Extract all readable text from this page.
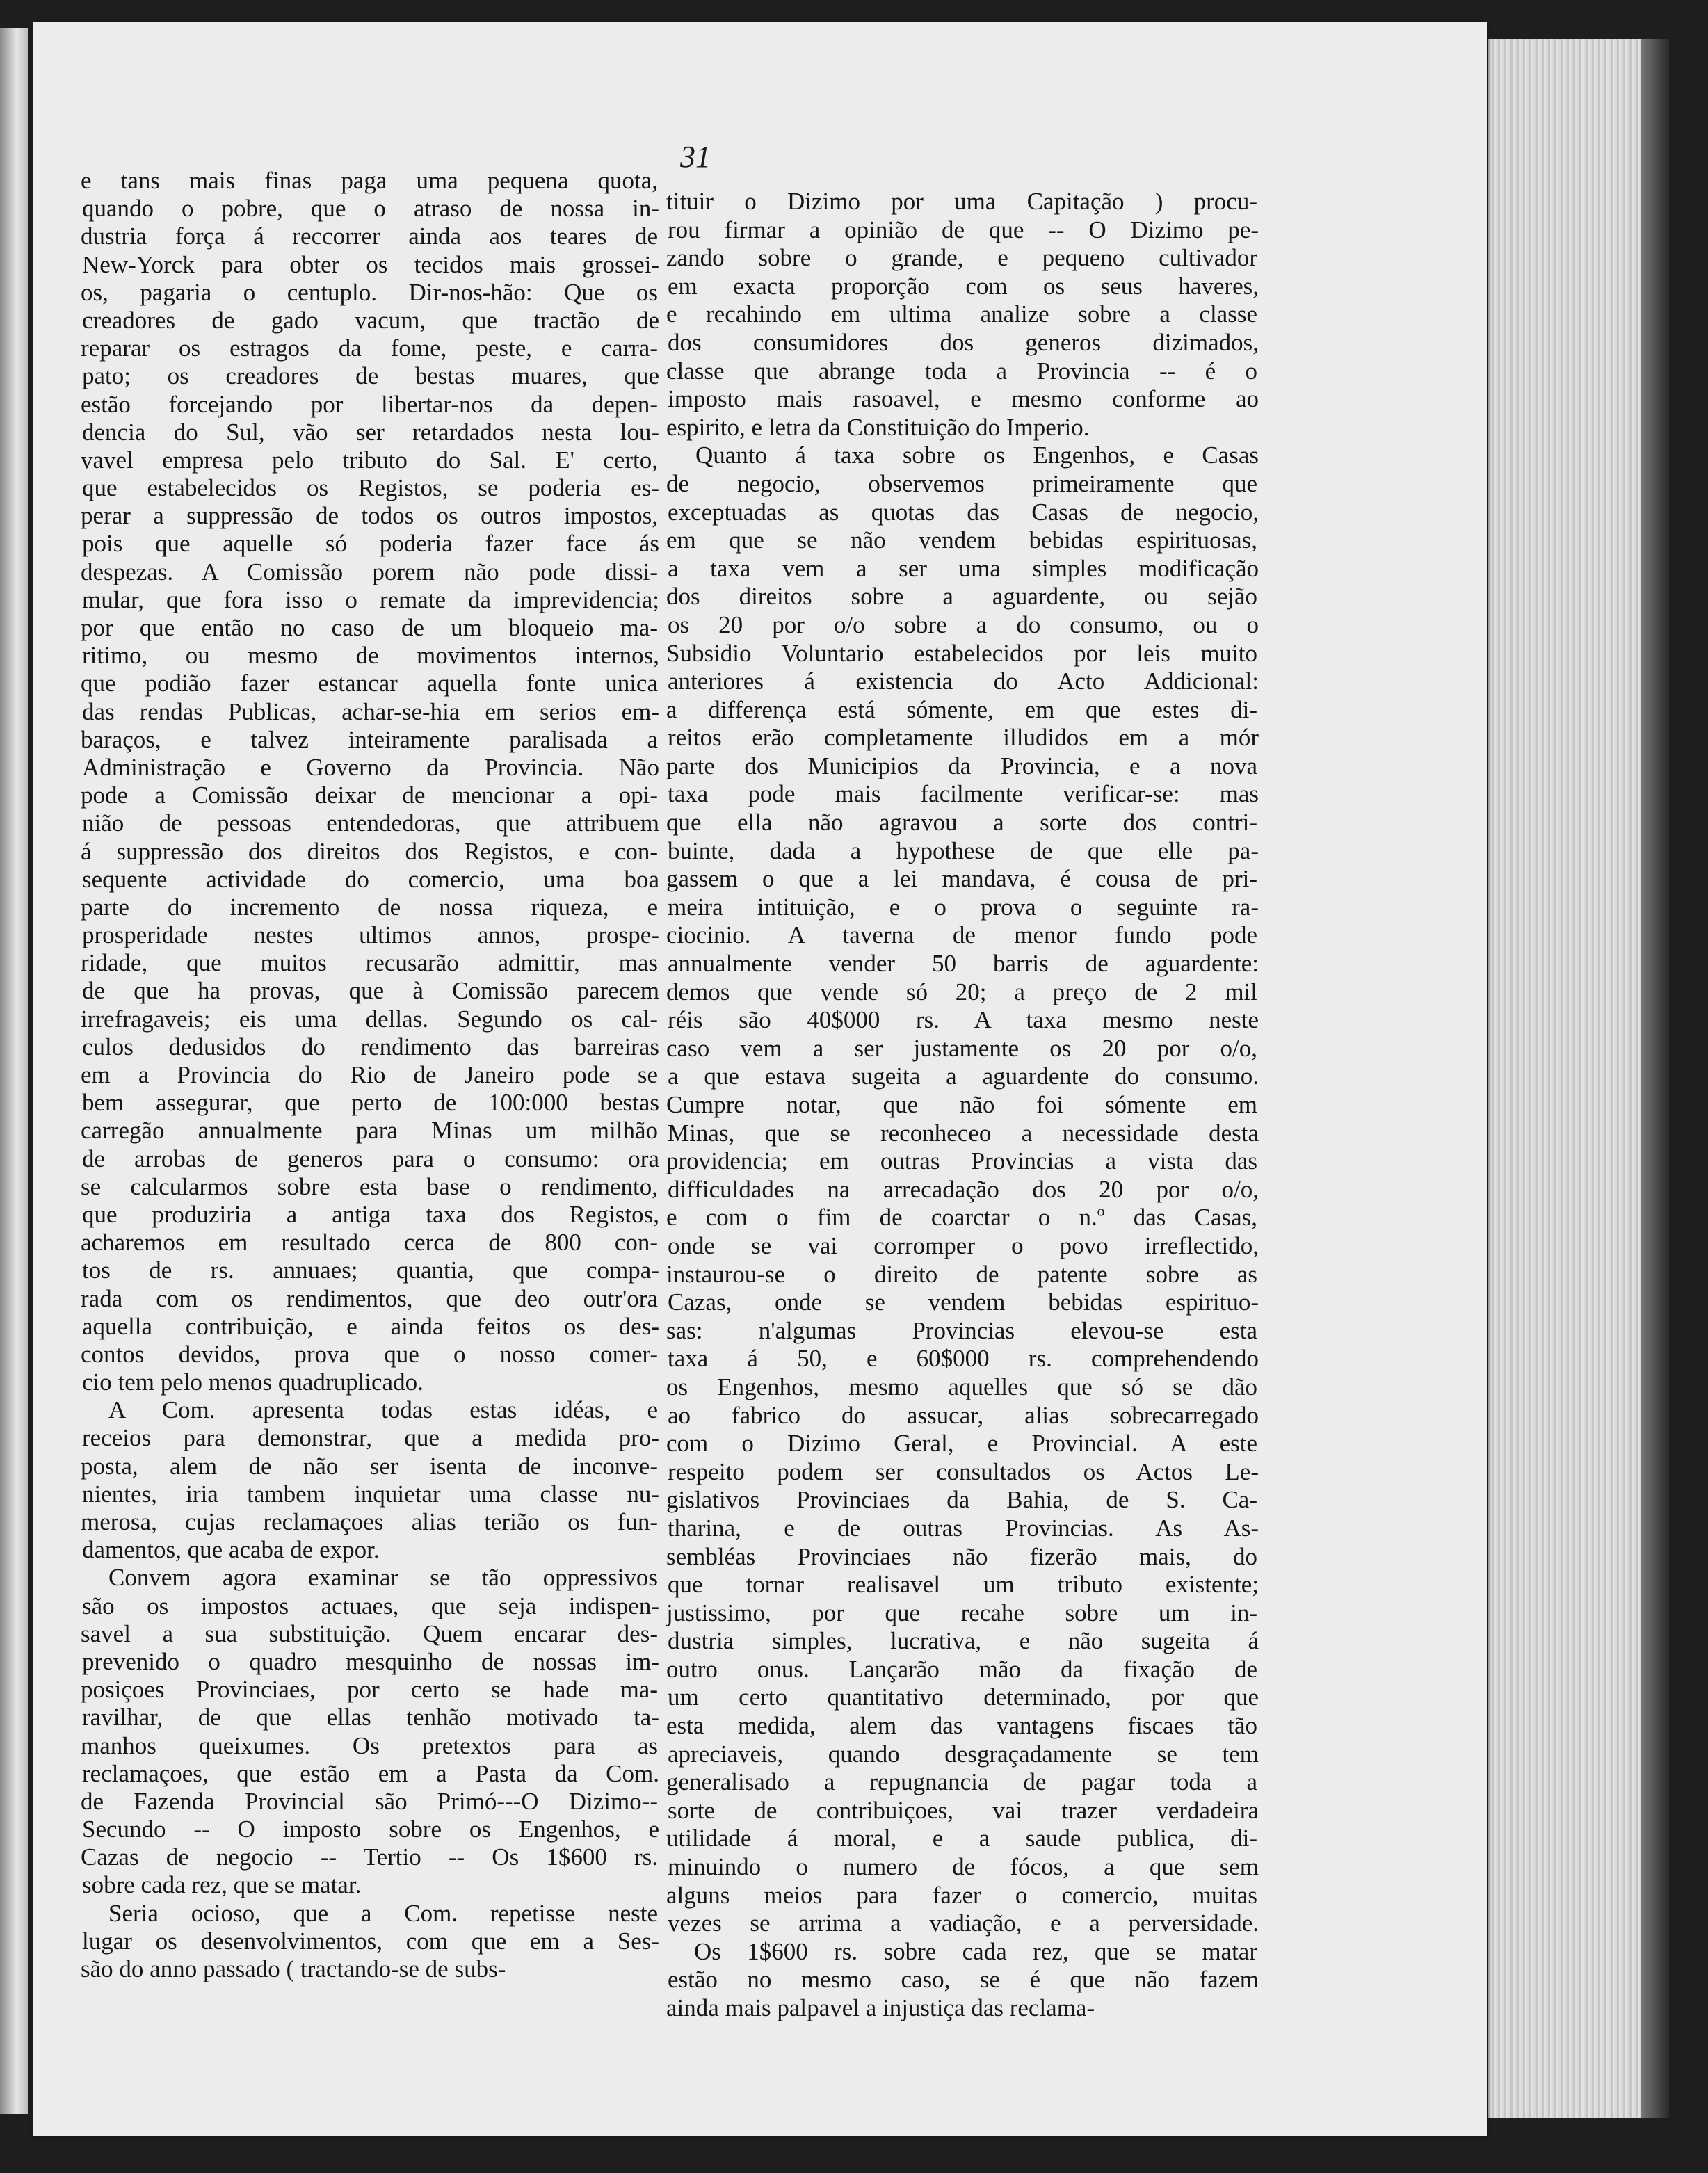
31
e tans mais finas paga uma pequena quota,
quando o pobre, que o atraso de nossa in-
dustria força á reccorrer ainda aos teares de
New-Yorck para obter os tecidos mais grossei-
os, pagaria o centuplo. Dir-nos-hão: Que os
creadores de gado vacum, que tractão de
reparar os estragos da fome, peste, e carra-
pato; os creadores de bestas muares, que
estão forcejando por libertar-nos da depen-
dencia do Sul, vão ser retardados nesta lou-
vavel empresa pelo tributo do Sal. E' certo,
que estabelecidos os Registos, se poderia es-
perar a suppressão de todos os outros impostos,
pois que aquelle só poderia fazer face ás
despezas. A Comissão porem não pode dissi-
mular, que fora isso o remate da imprevidencia;
por que então no caso de um bloqueio ma-
ritimo, ou mesmo de movimentos internos,
que podião fazer estancar aquella fonte unica
das rendas Publicas, achar-se-hia em serios em-
baraços, e talvez inteiramente paralisada a
Administração e Governo da Provincia. Não
pode a Comissão deixar de mencionar a opi-
nião de pessoas entendedoras, que attribuem
á suppressão dos direitos dos Registos, e con-
sequente actividade do comercio, uma boa
parte do incremento de nossa riqueza, e
prosperidade nestes ultimos annos, prospe-
ridade, que muitos recusarão admittir, mas
de que ha provas, que à Comissão parecem
irrefragaveis; eis uma dellas. Segundo os cal-
culos dedusidos do rendimento das barreiras
em a Provincia do Rio de Janeiro pode se
bem assegurar, que perto de 100:000 bestas
carregão annualmente para Minas um milhão
de arrobas de generos para o consumo: ora
se calcularmos sobre esta base o rendimento,
que produziria a antiga taxa dos Registos,
acharemos em resultado cerca de 800 con-
tos de rs. annuaes; quantia, que compa-
rada com os rendimentos, que deo outr'ora
aquella contribuição, e ainda feitos os des-
contos devidos, prova que o nosso comer-
cio tem pelo menos quadruplicado.
A Com. apresenta todas estas idéas, e
receios para demonstrar, que a medida pro-
posta, alem de não ser isenta de inconve-
nientes, iria tambem inquietar uma classe nu-
merosa, cujas reclamaçoes alias terião os fun-
damentos, que acaba de expor.
Convem agora examinar se tão oppressivos
são os impostos actuaes, que seja indispen-
savel a sua substituição. Quem encarar des-
prevenido o quadro mesquinho de nossas im-
posiçoes Provinciaes, por certo se hade ma-
ravilhar, de que ellas tenhão motivado ta-
manhos queixumes. Os pretextos para as
reclamaçoes, que estão em a Pasta da Com.
de Fazenda Provincial são Primó---O Dizimo--
Secundo -- O imposto sobre os Engenhos, e
Cazas de negocio -- Tertio -- Os 1$600 rs.
sobre cada rez, que se matar.
Seria ocioso, que a Com. repetisse neste
lugar os desenvolvimentos, com que em a Ses-
são do anno passado ( tractando-se de subs-
tituir o Dizimo por uma Capitação ) procu-
rou firmar a opinião de que -- O Dizimo pe-
zando sobre o grande, e pequeno cultivador
em exacta proporção com os seus haveres,
e recahindo em ultima analize sobre a classe
dos consumidores dos generos dizimados,
classe que abrange toda a Provincia -- é o
imposto mais rasoavel, e mesmo conforme ao
espirito, e letra da Constituição do Imperio.
Quanto á taxa sobre os Engenhos, e Casas
de negocio, observemos primeiramente que
exceptuadas as quotas das Casas de negocio,
em que se não vendem bebidas espirituosas,
a taxa vem a ser uma simples modificação
dos direitos sobre a aguardente, ou sejão
os 20 por o/o sobre a do consumo, ou o
Subsidio Voluntario estabelecidos por leis muito
anteriores á existencia do Acto Addicional:
a differença está sómente, em que estes di-
reitos erão completamente illudidos em a mór
parte dos Municipios da Provincia, e a nova
taxa pode mais facilmente verificar-se: mas
que ella não agravou a sorte dos contri-
buinte, dada a hypothese de que elle pa-
gassem o que a lei mandava, é cousa de pri-
meira intituição, e o prova o seguinte ra-
ciocinio. A taverna de menor fundo pode
annualmente vender 50 barris de aguardente:
demos que vende só 20; a preço de 2 mil
réis são 40$000 rs. A taxa mesmo neste
caso vem a ser justamente os 20 por o/o,
a que estava sugeita a aguardente do consumo.
Cumpre notar, que não foi sómente em
Minas, que se reconheceo a necessidade desta
providencia; em outras Provincias a vista das
difficuldades na arrecadação dos 20 por o/o,
e com o fim de coarctar o n.º das Casas,
onde se vai corromper o povo irreflectido,
instaurou-se o direito de patente sobre as
Cazas, onde se vendem bebidas espirituo-
sas: n'algumas Provincias elevou-se esta
taxa á 50, e 60$000 rs. comprehendendo
os Engenhos, mesmo aquelles que só se dão
ao fabrico do assucar, alias sobrecarregado
com o Dizimo Geral, e Provincial. A este
respeito podem ser consultados os Actos Le-
gislativos Provinciaes da Bahia, de S. Ca-
tharina, e de outras Provincias. As As-
sembléas Provinciaes não fizerão mais, do
que tornar realisavel um tributo existente;
justissimo, por que recahe sobre um in-
dustria simples, lucrativa, e não sugeita á
outro onus. Lançarão mão da fixação de
um certo quantitativo determinado, por que
esta medida, alem das vantagens fiscaes tão
apreciaveis, quando desgraçadamente se tem
generalisado a repugnancia de pagar toda a
sorte de contribuiçoes, vai trazer verdadeira
utilidade á moral, e a saude publica, di-
minuindo o numero de fócos, a que sem
alguns meios para fazer o comercio, muitas
vezes se arrima a vadiação, e a perversidade.
Os 1$600 rs. sobre cada rez, que se matar
estão no mesmo caso, se é que não fazem
ainda mais palpavel a injustiça das reclama-
